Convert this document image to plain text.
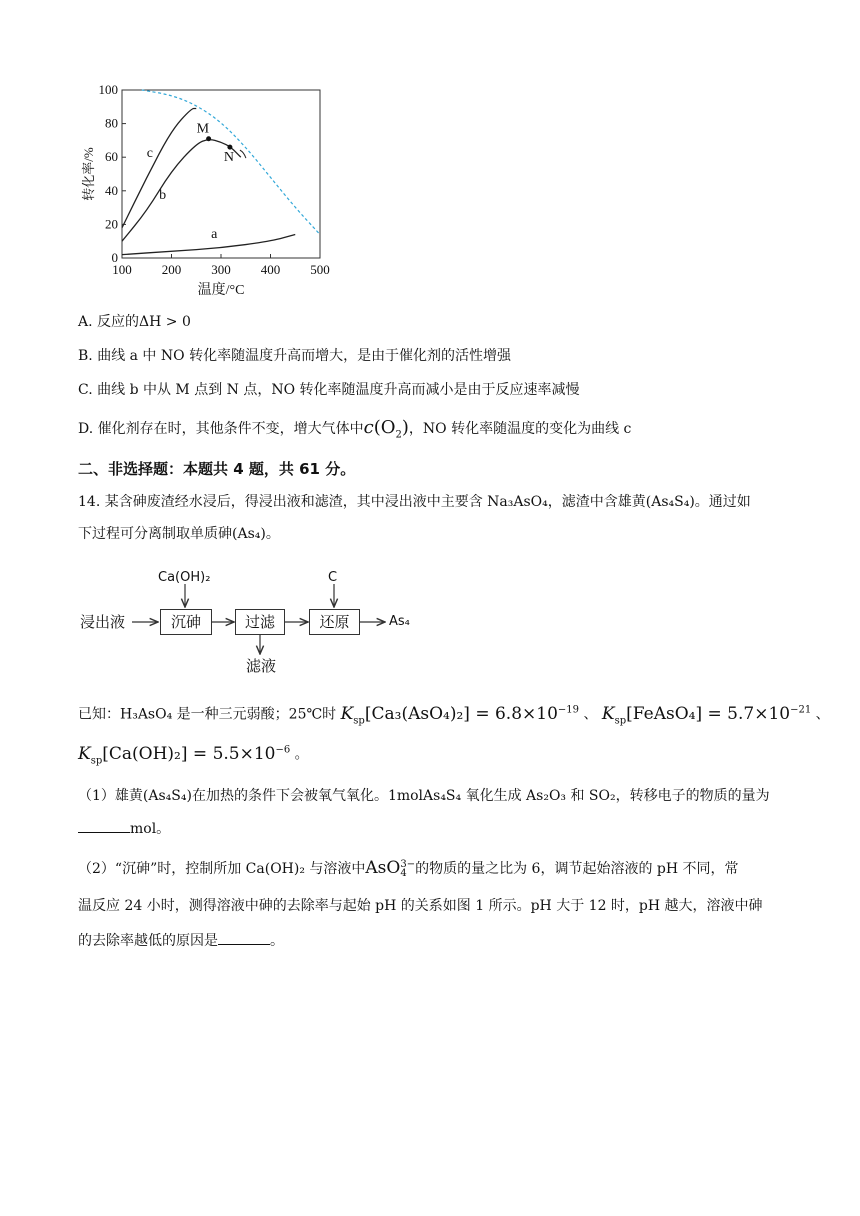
100 200 300 400 500
0
20
40
60
80
100
温度/°C
转化率/%
a
b
c
M
N
A. 反应的ΔH > 0
B. 曲线 a 中 NO 转化率随温度升高而增大，是由于催化剂的活性增强
C. 曲线 b 中从 M 点到 N 点，NO 转化率随温度升高而减小是由于反应速率减慢
D. 催化剂存在时，其他条件不变，增大气体中$c(O_2)$，NO 转化率随温度的变化为曲线 c
二、非选择题：本题共 4 题，共 61 分。
14. 某含砷废渣经水浸后，得浸出液和滤渣，其中浸出液中主要含 Na₃AsO₄，滤渣中含雄黄(As₄S₄)。通过如
下过程可分离制取单质砷(As₄)。
浸出液
Ca(OH)₂
沉砷	过滤
滤液
C
还原	As₄
已知：H₃AsO₄ 是一种三元弱酸；25℃时 $K_{sp}[Ca_3(AsO_4)_2] = 6.8\times 10^{-19}$ 、 $K_{sp}[FeAsO_4] = 5.7\times 10^{-21}$ 、
$K_{sp}[Ca(OH)_2] = 5.5\times 10^{-6}$ 。
（1）雄黄(As₄S₄)在加热的条件下会被氧气氧化。1molAs₄S₄ 氧化生成 As₂O₃ 和 SO₂，转移电子的物质的量为
mol。
（2）“沉砷”时，控制所加 Ca(OH)₂ 与溶液中AsO3−
4 的物质的量之比为 6，调节起始溶液的 pH 不同，常
温反应 24 小时，测得溶液中砷的去除率与起始 pH 的关系如图 1 所示。pH 大于 12 时，pH 越大，溶液中砷
的去除率越低的原因是	。
